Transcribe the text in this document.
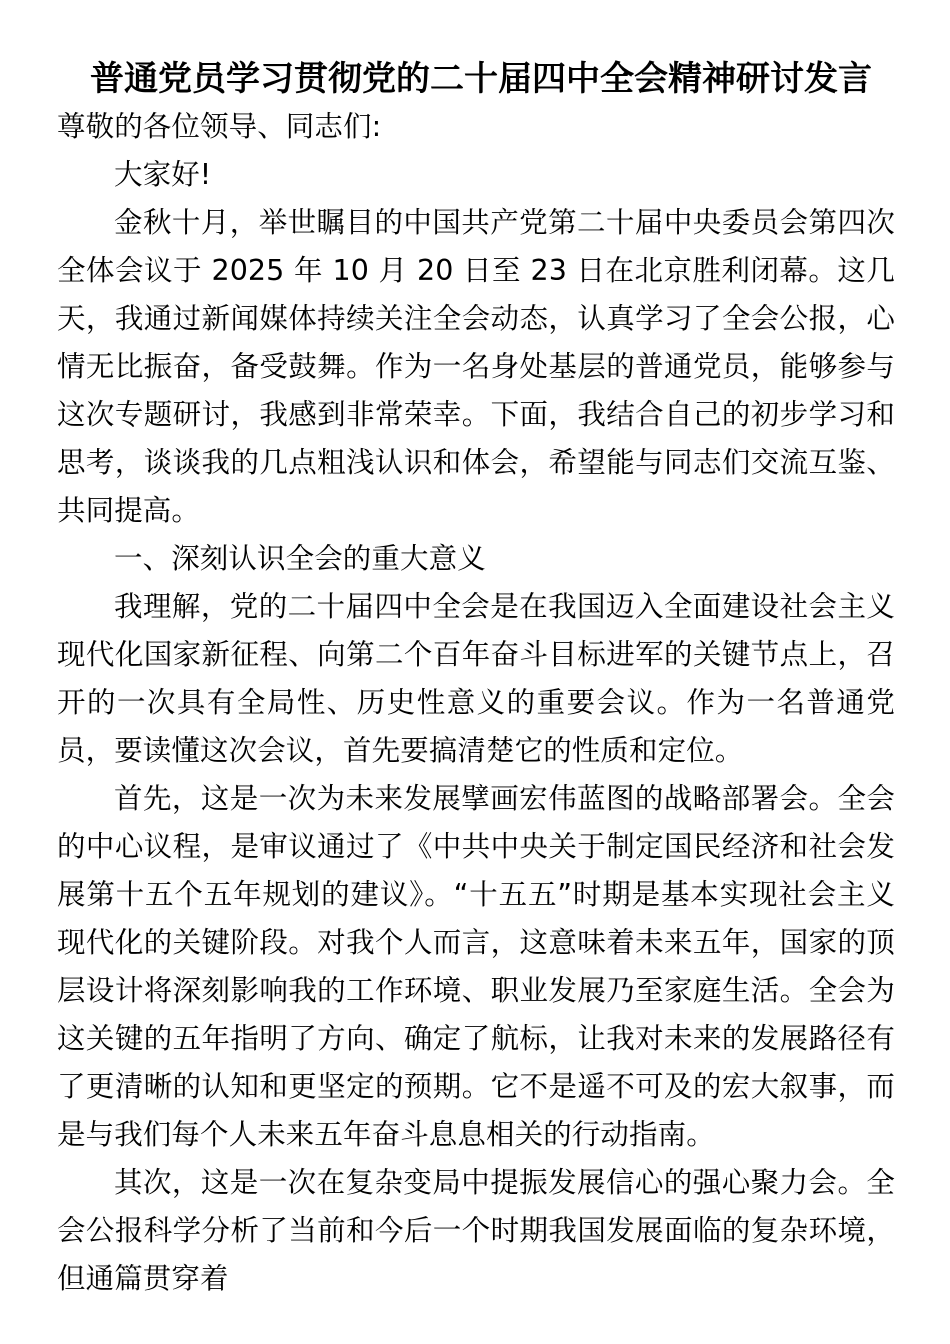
普通党员学习贯彻党的二十届四中全会精神研讨发言

尊敬的各位领导、同志们:

大家好!

金秋十月，举世瞩目的中国共产党第二十届中央委员会第四次全体会议于 2025 年 10 月 20 日至 23 日在北京胜利闭幕。这几天，我通过新闻媒体持续关注全会动态，认真学习了全会公报，心情无比振奋，备受鼓舞。作为一名身处基层的普通党员，能够参与这次专题研讨，我感到非常荣幸。下面，我结合自己的初步学习和思考，谈谈我的几点粗浅认识和体会，希望能与同志们交流互鉴、共同提高。

一、深刻认识全会的重大意义

我理解，党的二十届四中全会是在我国迈入全面建设社会主义现代化国家新征程、向第二个百年奋斗目标进军的关键节点上，召开的一次具有全局性、历史性意义的重要会议。作为一名普通党员，要读懂这次会议，首先要搞清楚它的性质和定位。

首先，这是一次为未来发展擘画宏伟蓝图的战略部署会。全会的中心议程，是审议通过了《中共中央关于制定国民经济和社会发展第十五个五年规划的建议》。“十五五”时期是基本实现社会主义现代化的关键阶段。对我个人而言，这意味着未来五年，国家的顶层设计将深刻影响我的工作环境、职业发展乃至家庭生活。全会为这关键的五年指明了方向、确定了航标，让我对未来的发展路径有了更清晰的认知和更坚定的预期。它不是遥不可及的宏大叙事，而是与我们每个人未来五年奋斗息息相关的行动指南。

其次，这是一次在复杂变局中提振发展信心的强心聚力会。全会公报科学分析了当前和今后一个时期我国发展面临的复杂环境，但通篇贯穿着
